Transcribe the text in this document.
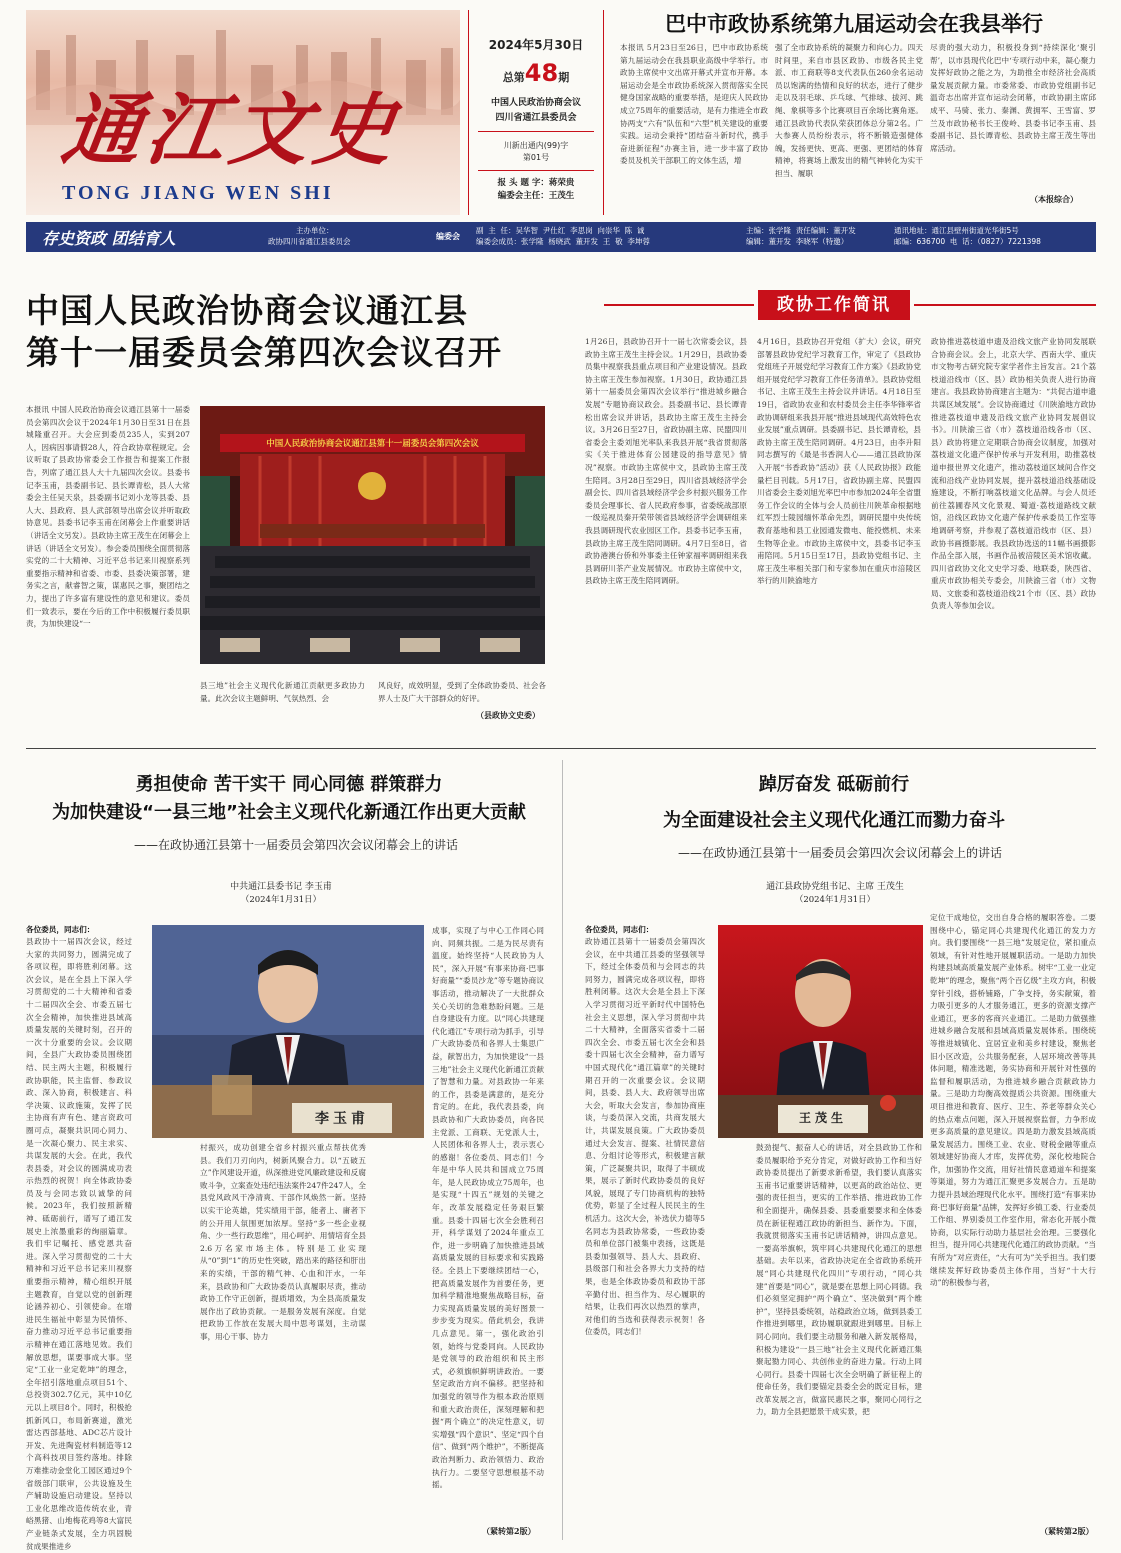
通江文史
TONG JIANG WEN SHI
2024年5月30日
总第48期
中国人民政治协商会议
四川省通江县委员会
川新出通内(99)字
第01号
报 头 题 字：蒋荣贵
编委会主任：王茂生
巴中市政协系统第九届运动会在我县举行
本报讯 5月23日至26日，巴中市政协系统第九届运动会在我县职业高级中学举行。市政协主席侯中文出席开幕式并宣布开幕。本届运动会是全市政协系统深入贯彻落实全民健身国家战略的重要举措，是迎庆人民政协成立75周年的重要活动，是有力推进全市政协两支“六有”队伍和“六型”机关建设的重要实践。运动会秉持“团结奋斗新时代，携手奋进新征程”办赛主旨，进一步丰富了政协委员及机关干部职工的文体生活，增
强了全市政协系统的凝聚力和向心力。四天时间里，来自市县区政协、市级各民主党派、市工商联等8支代表队伍260余名运动员以饱满的热情和良好的状态，进行了健步走以及羽毛球、乒乓球、气排球、拔河、跳绳、象棋等多个比赛项目百余场比赛角逐。通江县政协代表队荣获团体总分第2名。广大参赛人员纷纷表示，将不断锻造强健体魄，发扬更快、更高、更强、更团结的体育精神，将赛场上激发出的精气神转化为实干担当、履职
尽责的强大动力，积极投身到“持续深化‘聚引帮’，以市县现代化巴中‘专项行动中来，凝心聚力发挥好政协之能之为，为助推全市经济社会高质量发展贡献力量。市委常委、市政协党组副书记温奇志出席并宣布运动会闭幕，市政协副主席邱成平、马骑、张力、秦渊、黄拥军、王雪富、罗兰及市政协秘书长王俊岭、县委书记李玉甫、县委副书记、县长谭青松、县政协主席王茂生等出席活动。
（本报综合）
存史资政 团结育人	主办单位：
政协四川省通江县委员会
编委会
副  主  任：吴华智  尹仕红  李思岗  向崇华  陈  诚
编委会成员：张学隆  杨晓武  董开发  王  敬  李坤蓉
主编：张学隆  责任编辑：董开发
编辑：董开发  李晓军（特邀）
通讯地址：通江县壁州街道光华街5号
邮编：636700  电  话：（0827）7221398
中国人民政治协商会议通江县
第十一届委员会第四次会议召开
本报讯 中国人民政治协商会议通江县第十一届委员会第四次会议于2024年1月30日至31日在县城隆重召开。大会应到委员235人，实到207人，因病因事请假28人，符合政协章程规定。会议听取了县政协常委会工作报告和提案工作报告，列席了通江县人大十九届四次会议。县委书记李玉甫，县委副书记、县长谭青松，县人大常委会主任吴天泉，县委副书记刘小龙等县委、县人大、县政府、县人武部领导出席会议并听取政协意见。县委书记李玉甫在闭幕会上作重要讲话（讲话全文另发）。县政协主席王茂生在闭幕会上讲话（讲话全文另发）。参会委员围绕全面贯彻落实党的二十大精神、习近平总书记来川视察系列重要指示精神和省委、市委、县委决策部署，建务实之言，献睿智之策，谋惠民之事，聚团结之力，提出了许多富有建设性的意见和建议。委员们一致表示，要在今后的工作中积极履行委员职责，为加快建设“一
中国人民政治协商会议通江县第十一届委员会第四次会议
县三地”社会主义现代化新通江贡献更多政协力量。此次会议主题鲜明、气氛热烈、会
风良好，成效明显，受到了全体政协委员、社会各界人士及广大干部群众的好评。
（县政协文史委）
政协工作简讯
1月26日，县政协召开十一届七次常委会议，县政协主席王茂生主持会议。1月29日，县政协委员集中视察我县重点项目和产业建设情况。县政协主席王茂生参加视察。1月30日，政协通江县第十一届委员会第四次会议举行“推进城乡融合发展”专题协商议政会。县委副书记、县长谭青松出席会议并讲话，县政协主席王茂生主持会议。3月26日至27日，省政协副主席、民盟四川省委会主委刘旭光率队来我县开展“我省贯彻落实《关于推进体育公园建设的指导意见》情况”视察。市政协主席侯中文，县政协主席王茂生陪同。3月28日至29日，四川省县域经济学会副会长、四川省县域经济学会乡村振兴服务工作委员会理事长、省人民政府参事，省委统战部原一级巡视员秦开荣带领省县域经济学会调研组来我县调研现代农业园区工作。县委书记李玉甫，县政协主席王茂生陪同调研。4月7日至8日，省政协港澳台侨和外事委主任钟家福率调研组来我县调研川茶产业发展情况。市政协主席侯中文，县政协主席王茂生陪同调研。
4月16日，县政协召开党组（扩大）会议，研究部署县政协党纪学习教育工作，审定了《县政协党组班子开展党纪学习教育工作方案》《县政协党组开展党纪学习教育工作任务清单》。县政协党组书记、主席王茂生主持会议并讲话。4月18日至19日，省政协农业和农村委员会主任李华锋率省政协调研组来我县开展“推进县域现代高效特色农业发展”重点调研。县委副书记、县长谭青松，县政协主席王茂生陪同调研。4月23日，由李升阳同志撰写的《最是书香润人心——通江县政协深入开展“书香政协”活动》获《人民政协报》政能量栏目刊载。5月17日，省政协副主席、民盟四川省委会主委刘旭光率巴中市参加2024年全省盟务工作会议的全体与会人员前往川陕革命根据地红军烈士陵园缅怀革命先烈，调研民盟中央传统教育基地和县工业园通发微电、能投燃机、未来生物等企业。市政协主席侯中文，县委书记李玉甫陪同。5月15日至17日，县政协党组书记、主席王茂生率相关部门和专家参加在重庆市涪陵区举行的川陕渝地方
政协推进荔枝道申遗及沿线文旅产业协同发展联合协商会议。会上，北京大学、西南大学、重庆市文物考古研究院专家学者作主旨发言。21个荔枝道沿线市（区、县）政协相关负责人进行协商建言。我县政协协商建言主题为：“共促古道申遗 共谋区域发展”。会议协商通过《川陕渝地方政协推进荔枝道申遗及沿线文旅产业协同发展倡议书》。川陕渝三省（市）荔枝道沿线各市（区、县）政协将建立定期联合协商会议制度，加强对荔枝道文化遗产保护传承与开发利用，助推荔枝道申报世界文化遗产，推动荔枝道区域间合作交流和沿线产业协同发展，提升荔枝道沿线基础设施建设，不断打响荔枝道文化品牌。与会人员还前往荔圃春风文化景观、蜀道·荔枝道路线文献馆，沿线区政协文化遗产保护传承委员工作室等地调研考察，并参观了荔枝道沿线市（区、县）政协书画摄影展。我县政协选送的11幅书画摄影作品全部入展，书画作品被涪陵区美术馆收藏。四川省政协文化文史学习委、地联委，陕西省、重庆市政协相关专委会，川陕渝三省（市）文物局、文旅委和荔枝道沿线21个市（区、县）政协负责人等参加会议。
勇担使命 苦干实干 同心同德 群策群力
为加快建设“一县三地”社会主义现代化新通江作出更大贡献
——在政协通江县第十一届委员会第四次会议闭幕会上的讲话
中共通江县委书记 李玉甫
（2024年1月31日）
各位委员，同志们：
县政协十一届四次会议，经过大家的共同努力，圆满完成了各项议程，即将胜利闭幕。这次会议，是在全县上下深入学习贯彻党的二十大精神和省委十二届四次全会、市委五届七次全会精神，加快推进县域高质量发展的关键时刻，召开的一次十分重要的会议。会议期间，全县广大政协委员围绕团结、民主两大主题，积极履行政协职能，民主监督、参政议政、深入协商，积极建言、科学决策、议政施策，发挥了民主协商有声有色、建言资政可圈可点，凝聚共识同心同力、是一次凝心聚力、民主求实、共谋发展的大会。在此，我代表县委，对会议的圆满成功表示热烈的祝贺！向全体政协委员及与会同志致以诚挚的问候。2023年，我们按照新精神、砥砺前行，谱写了通江发展史上浓墨重彩的绚丽篇章。我们牢记嘱托、感党恩共奋进。深入学习贯彻党的二十大精神和习近平总书记来川视察重要指示精神，精心组织开展主题教育，自觉以党的创新理论涵养初心、引领使命。在增进民生福祉中彰显为民情怀、奋力推动习近平总书记重要指示精神在通江落地见效。我们解放思想，谋要事成大事。坚定“工业一业定乾坤”的理念，全年招引落地重点项目51个、总投资302.7亿元，其中10亿元以上项目8个。同时，积极抢抓新风口，布局新赛道，激光雷达西部基地、ADC芯片设计开发、先进陶瓷材料制造等12个高科技项目签约落地。排除万难推动金堂化工园区通过9个省级部门联审，公共设施及生产辅助设施启动建设。坚持以工业化思维改造传统农业，青峪黑猪、山地梅花鸡等8大富民产业链条式发展，全力巩固脱贫成果推进乡
李玉甫
成事，实现了与中心工作同心同向、同频共振。二是为民尽责有温度。始终坚持“人民政协为人民”，深入开展“有事来协商·巴事好商量”“委员沙龙”等专题协商议事活动，推动解决了一大批群众关心关切的急难愁盼问题。三是自身建设有力度。以“同心共建现代化通江”专项行动为抓手，引导广大政协委员和各界人士集思广益，献智出力，为加快建设“一县三地”社会主义现代化新通江贡献了智慧和力量。对县政协一年来的工作，县委是满意的，是充分肯定的。在此，我代表县委，向县政协和广大政协委员，向各民主党派、工商联、无党派人士，人民团体和各界人士，表示衷心的感谢！各位委员、同志们！今年是中华人民共和国成立75周年，是人民政协成立75周年，也是实现“十四五”规划的关键之年，改革发展稳定任务艰巨繁重。县委十四届七次全会胜利召开，科学谋划了2024年重点工作，进一步明确了加快推进县域高质量发展的目标要求和实践路径。全县上下要继续团结一心，把高质量发展作为首要任务，更加科学精准地聚焦战略目标，奋力实现高质量发展的美好图景一步步变为现实。借此机会，我讲几点意见。第一，强化政治引领，始终与党委同向。人民政协是党领导的政治组织和民主形式，必须旗帜鲜明讲政治。一要坚定政治方向不偏移。把坚持和加强党的领导作为根本政治原则和重大政治责任，深刻理解和把握“两个确立”的决定性意义，切实增强“四个意识”、坚定“四个自信”、做到“两个维护”，不断提高政治判断力、政治领悟力、政治执行力。二要坚守思想根基不动摇。
村振兴，成功创建全省乡村振兴重点帮扶优秀县。我们刀刃向内，树新风聚合力。以“五破五立”作风建设开道，纵深推进党风廉政建设和反腐败斗争，立案查处违纪违法案件247件247人，全县党风政风干净清爽、干部作风焕然一新。坚持以实干论英雄，凭实绩用干部，能者上、庸者下的公开用人氛围更加浓厚。坚持“多一些企业视角、少一些行政思维”，用心呵护、用情培育全县2.6万名家市场主体。特别是工业实现从“0”到“1”的历史性突破，踏出来的路径和肝出来的实绩，干部的精气神、心血和汗水，一年来，县政协和广大政协委员认真履职尽责，推动政协工作守正创新，提质增效，为全县高质量发展作出了政协贡献。一是服务发展有深度。自觉把政协工作放在发展大局中思考谋划，主动谋事，用心干事、协力
（紧转第2版）
踔厉奋发 砥砺前行
为全面建设社会主义现代化通江而勠力奋斗
——在政协通江县第十一届委员会第四次会议闭幕会上的讲话
通江县政协党组书记、主席 王茂生
（2024年1月31日）
各位委员，同志们：
政协通江县第十一届委员会第四次会议，在中共通江县委的坚强领导下，经过全体委员和与会同志的共同努力，圆满完成各项议程，即将胜利闭幕。这次大会是全县上下深入学习贯彻习近平新时代中国特色社会主义思想，深入学习贯彻中共二十大精神，全面落实省委十二届四次全会、市委五届七次全会和县委十四届七次全会精神，奋力谱写中国式现代化“通江篇章”的关键时期召开的一次重要会议。会议期间，县委、县人大、政府领导出席大会，听取大会发言，参加协商座谈，与委员深入交流，共商发展大计，共谋发展良策。广大政协委员通过大会发言、提案、社情民意信息、分组讨论等形式，积极建言献策，广泛凝聚共识，取得了丰硕成果，展示了新时代政协委员的良好风貌，展现了专门协商机构的独特优势，彰显了全过程人民民主的生机活力。这次大会，补选伏力德等5名同志为县政协常委，一些政协委员和单位部门被集中表扬，这既是县委加强领导、县人大、县政府、县级部门和社会各界大力支持的结果，也是全体政协委员和政协干部辛勤付出、担当作为、尽心履职的结果，让我们再次以热烈的掌声，对他们的当选和获得表示祝贺！各位委员，同志们！
王茂生
定位干成地位，交出自身合格的履职答卷。二要围绕中心，锚定同心共建现代化通江的发力方向。我们要围绕“一县三地”发展定位，紧扣重点领域，有针对性地开展履职活动。一是助力加快构建县域高质量发展产业体系。树牢“工业一业定乾坤”的理念，聚焦“两个百亿级”主攻方向，积极穿针引线，搭桥铺路，广争支持，务实献策，着力吸引更多的人才服务通江，更多的资源支撑产业通江，更多的客商兴业通江。二是助力做强推进城乡融合发展和县域高质量发展体系。围绕统等推进城镇化、宜居宜业和美乡村建设，聚焦老旧小区改造，公共服务配套，人居环境改善等具体问题，精准选题，务实协商和开展针对性强的监督和履职活动，为推进城乡融合贡献政协力量。三是助力均衡高效提质公共资源。围绕重大项目推进和教育、医疗、卫生、养老等群众关心的热点难点问题，深入开展视察监督，力争形成更多高质量的意见建议。四是助力激发县域高质量发展活力。围绕工业、农业、财税金融等重点领域建好协商人才库，发挥优势，深化校地院合作，加强协作交流，用好社情民意通道车和提案等渠道，努力为通江汇聚更多发展合力。五是助力提升县域治理现代化水平。围绕打造“有事来协商·巴事好商量”品牌，发挥好乡镇工委、行业委员工作组、界别委员工作室作用，常态化开展小微协商，以实际行动助力基层社会治理。三要强化担当，提升同心共建现代化通江的政协贡献。“当有所为”对应责任，“大有可为”关乎担当。我们要继续发挥好政协委员主体作用，当好“十大行动”的积极参与者，
鼓劲提气、振奋人心的讲话，对全县政协工作和委员履职给予充分肯定，对做好政协工作和当好政协委员提出了新要求新希望，我们要认真落实玉甫书记重要讲话精神，以更高的政治站位、更强的责任担当，更实的工作举措、推进政协工作和全面提升，确保县委、县委重要要求和全体委员在新征程通江政协的新担当、新作为。下面，我就贯彻落实玉甫书记讲话精神，讲四点意见。一要高举旗帜，筑牢同心共建现代化通江的思想基础。去年以来，省政协决定在全省政协系统开展“同心共建现代化四川”专项行动，“同心共建”首要是“同心”，就是要在思想上同心同德。我们必须坚定拥护“两个确立”、坚决做到“两个维护”，坚持县委统领，站稳政治立场，做到县委工作推进到哪里，政协履职就跟进到哪里。目标上同心同向。我们要主动服务和融入新发展格局，积极为建设“一县三地”社会主义现代化新通江集聚起勠力同心、共创伟业的奋进力量。行动上同心同行。县委十四届七次全会明确了新征程上的使命任务，我们要锚定县委全会的既定目标，建改革发展之言，做富民惠民之事，聚同心同行之力，助力全县把愿景干成实景，把
（紧转第2版）
